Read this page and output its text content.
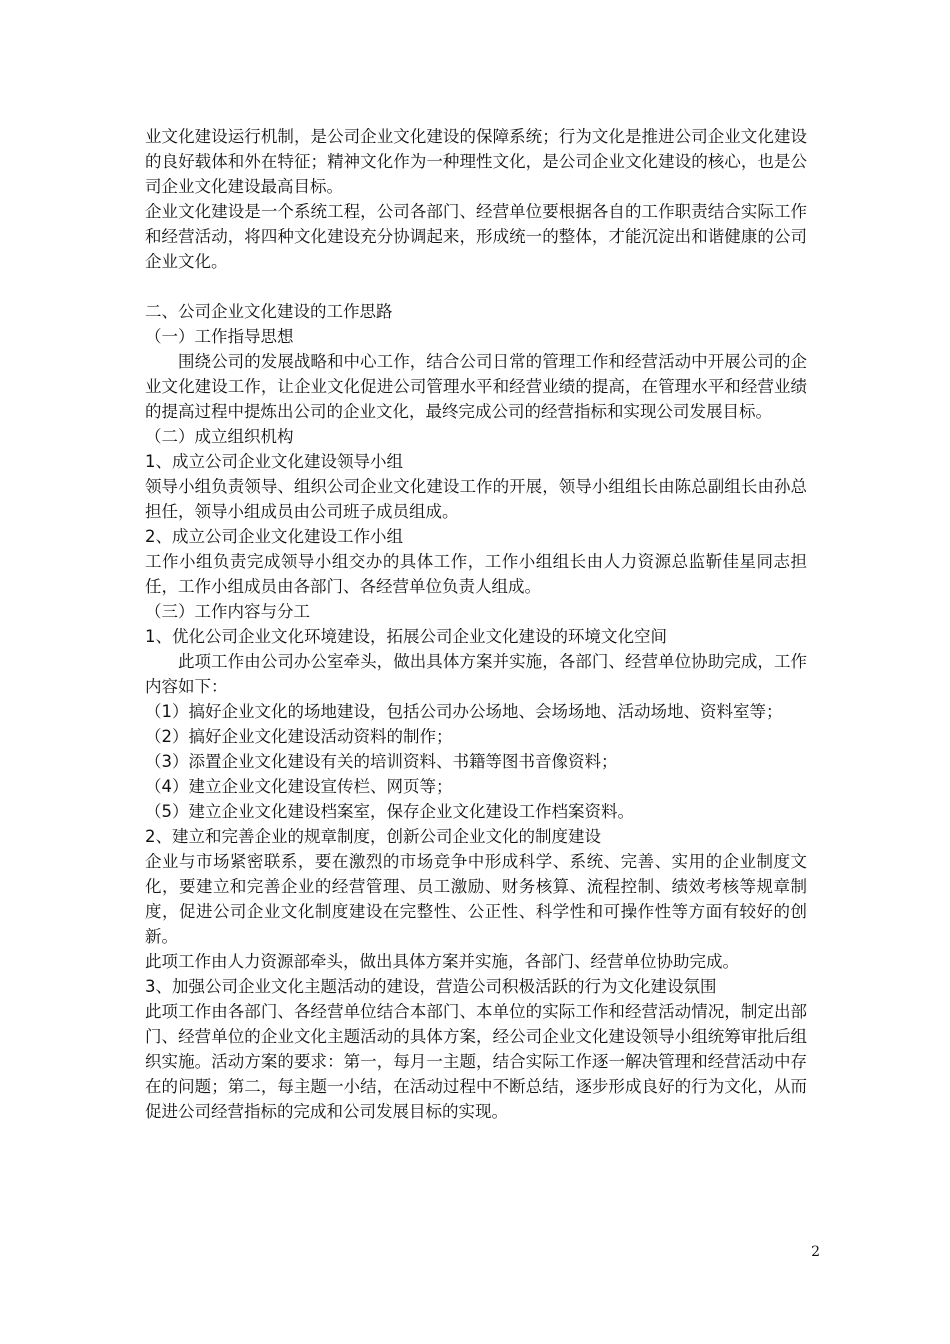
业文化建设运行机制，是公司企业文化建设的保障系统；行为文化是推进公司企业文化建设的良好载体和外在特征；精神文化作为一种理性文化，是公司企业文化建设的核心，也是公司企业文化建设最高目标。

企业文化建设是一个系统工程，公司各部门、经营单位要根据各自的工作职责结合实际工作和经营活动，将四种文化建设充分协调起来，形成统一的整体，才能沉淀出和谐健康的公司企业文化。

二、公司企业文化建设的工作思路

（一）工作指导思想

围绕公司的发展战略和中心工作，结合公司日常的管理工作和经营活动中开展公司的企业文化建设工作，让企业文化促进公司管理水平和经营业绩的提高，在管理水平和经营业绩的提高过程中提炼出公司的企业文化，最终完成公司的经营指标和实现公司发展目标。

（二）成立组织机构

1、成立公司企业文化建设领导小组

领导小组负责领导、组织公司企业文化建设工作的开展，领导小组组长由陈总副组长由孙总担任，领导小组成员由公司班子成员组成。

2、成立公司企业文化建设工作小组

工作小组负责完成领导小组交办的具体工作，工作小组组长由人力资源总监靳佳星同志担任，工作小组成员由各部门、各经营单位负责人组成。

（三）工作内容与分工

1、优化公司企业文化环境建设，拓展公司企业文化建设的环境文化空间

此项工作由公司办公室牵头，做出具体方案并实施，各部门、经营单位协助完成，工作内容如下：

（1）搞好企业文化的场地建设，包括公司办公场地、会场场地、活动场地、资料室等；

（2）搞好企业文化建设活动资料的制作；

（3）添置企业文化建设有关的培训资料、书籍等图书音像资料；

（4）建立企业文化建设宣传栏、网页等；

（5）建立企业文化建设档案室，保存企业文化建设工作档案资料。

2、建立和完善企业的规章制度，创新公司企业文化的制度建设

企业与市场紧密联系，要在激烈的市场竞争中形成科学、系统、完善、实用的企业制度文化，要建立和完善企业的经营管理、员工激励、财务核算、流程控制、绩效考核等规章制度，促进公司企业文化制度建设在完整性、公正性、科学性和可操作性等方面有较好的创新。

此项工作由人力资源部牵头，做出具体方案并实施，各部门、经营单位协助完成。

3、加强公司企业文化主题活动的建设，营造公司积极活跃的行为文化建设氛围

此项工作由各部门、各经营单位结合本部门、本单位的实际工作和经营活动情况，制定出部门、经营单位的企业文化主题活动的具体方案，经公司企业文化建设领导小组统筹审批后组织实施。活动方案的要求：第一，每月一主题，结合实际工作逐一解决管理和经营活动中存在的问题；第二，每主题一小结，在活动过程中不断总结，逐步形成良好的行为文化，从而促进公司经营指标的完成和公司发展目标的实现。

2
